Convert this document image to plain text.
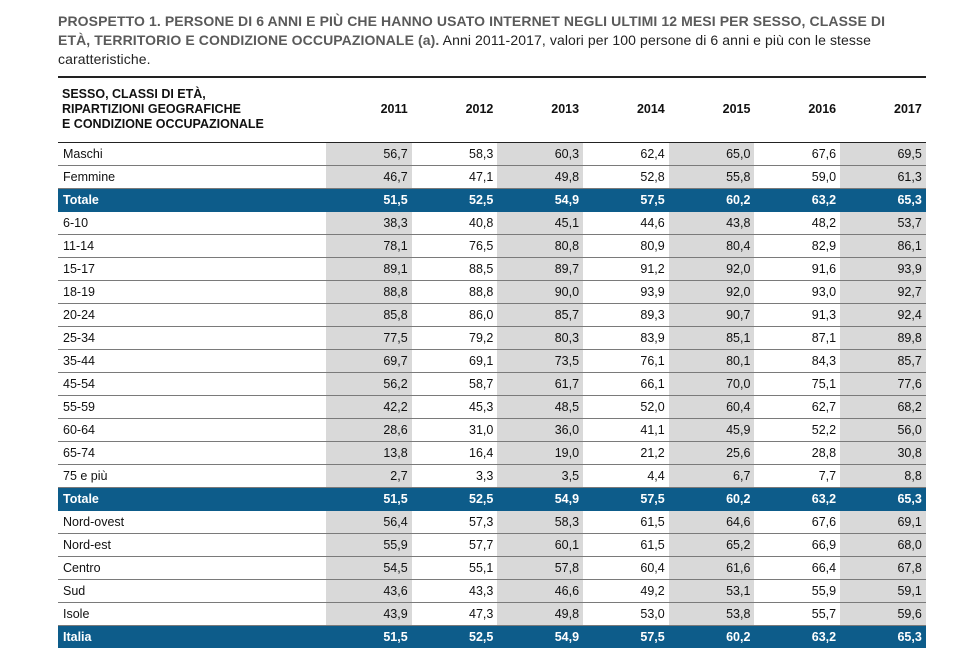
PROSPETTO 1. PERSONE DI 6 ANNI E PIÙ CHE HANNO USATO INTERNET NEGLI ULTIMI 12 MESI PER SESSO, CLASSE DI ETÀ, TERRITORIO E CONDIZIONE OCCUPAZIONALE (a). Anni 2011-2017, valori per 100 persone di 6 anni e più con le stesse caratteristiche.
SESSO, CLASSI DI ETÀ,
RIPARTIZIONI GEOGRAFICHE
E CONDIZIONE OCCUPAZIONALE	2011	2012	2013	2014	2015	2016	2017
Maschi	56,7	58,3	60,3	62,4	65,0	67,6	69,5
Femmine	46,7	47,1	49,8	52,8	55,8	59,0	61,3
Totale	51,5	52,5	54,9	57,5	60,2	63,2	65,3
6-10	38,3	40,8	45,1	44,6	43,8	48,2	53,7
11-14	78,1	76,5	80,8	80,9	80,4	82,9	86,1
15-17	89,1	88,5	89,7	91,2	92,0	91,6	93,9
18-19	88,8	88,8	90,0	93,9	92,0	93,0	92,7
20-24	85,8	86,0	85,7	89,3	90,7	91,3	92,4
25-34	77,5	79,2	80,3	83,9	85,1	87,1	89,8
35-44	69,7	69,1	73,5	76,1	80,1	84,3	85,7
45-54	56,2	58,7	61,7	66,1	70,0	75,1	77,6
55-59	42,2	45,3	48,5	52,0	60,4	62,7	68,2
60-64	28,6	31,0	36,0	41,1	45,9	52,2	56,0
65-74	13,8	16,4	19,0	21,2	25,6	28,8	30,8
75 e più	2,7	3,3	3,5	4,4	6,7	7,7	8,8
Totale	51,5	52,5	54,9	57,5	60,2	63,2	65,3
Nord-ovest	56,4	57,3	58,3	61,5	64,6	67,6	69,1
Nord-est	55,9	57,7	60,1	61,5	65,2	66,9	68,0
Centro	54,5	55,1	57,8	60,4	61,6	66,4	67,8
Sud	43,6	43,3	46,6	49,2	53,1	55,9	59,1
Isole	43,9	47,3	49,8	53,0	53,8	55,7	59,6
Italia	51,5	52,5	54,9	57,5	60,2	63,2	65,3
